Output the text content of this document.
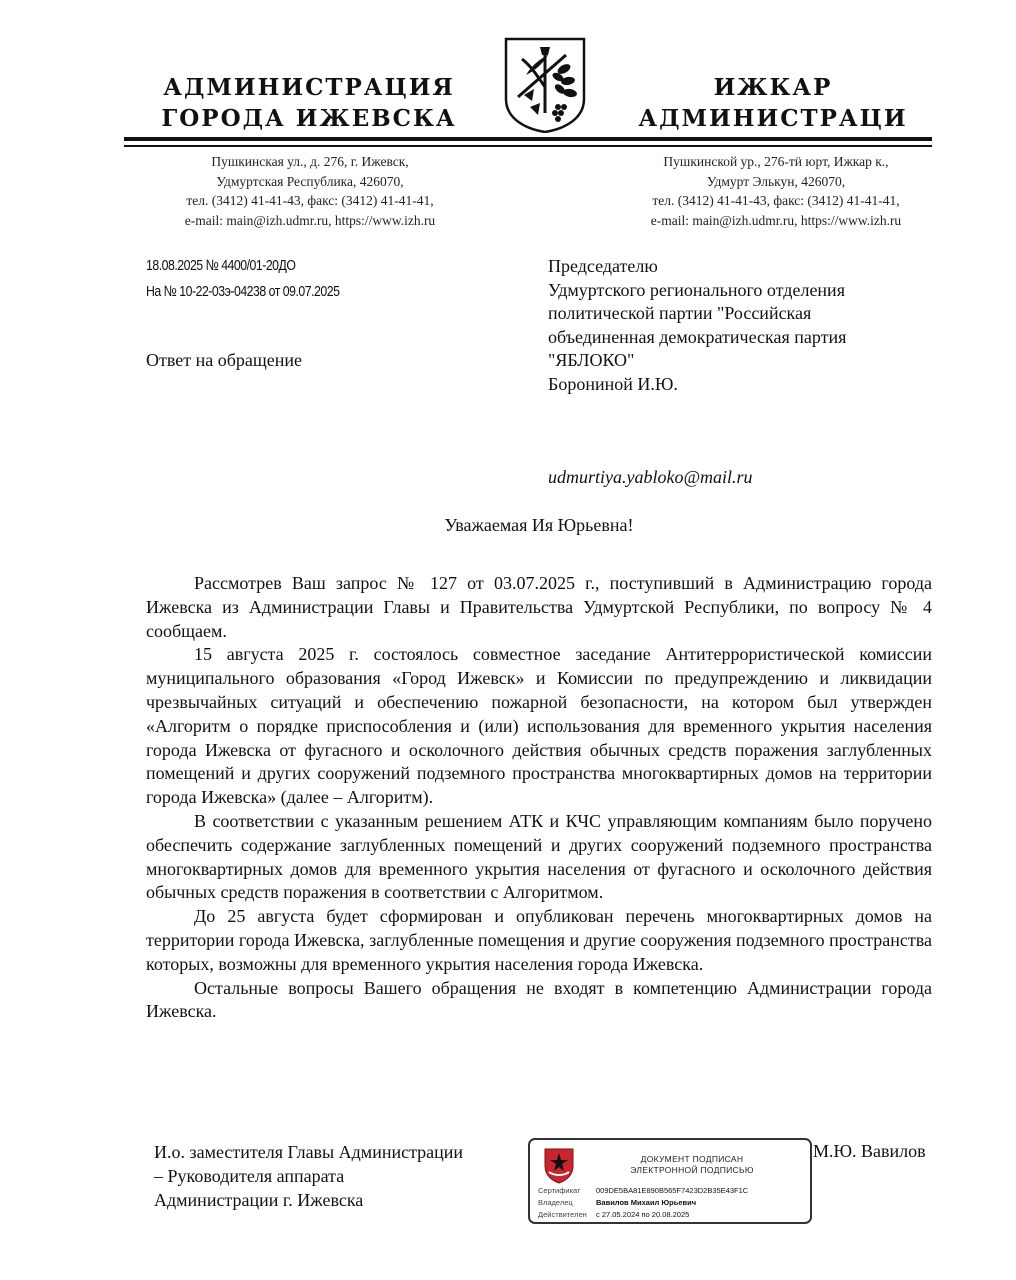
АДМИНИСТРАЦИЯ
ГОРОДА ИЖЕВСКА
ИЖКАР
АДМИНИСТРАЦИ
Пушкинская ул., д. 276, г. Ижевск,
Удмуртская Республика, 426070,
тел. (3412) 41-41-43, факс: (3412) 41-41-41,
e-mail: main@izh.udmr.ru, https://www.izh.ru
Пушкинской ур., 276-тӥ юрт, Ижкар к.,
Удмурт Элькун, 426070,
тел. (3412) 41-41-43, факс: (3412) 41-41-41,
e-mail: main@izh.udmr.ru, https://www.izh.ru
18.08.2025 № 4400/01-20ДО
На № 10-22-03э-04238 от 09.07.2025
Ответ на обращение
Председателю
Удмуртского регионального отделения
политической партии "Российская
объединенная демократическая партия
"ЯБЛОКО"
Борониной И.Ю.
udmurtiya.yabloko@mail.ru
Уважаемая Ия Юрьевна!

Рассмотрев Ваш запрос № 127 от 03.07.2025 г., поступивший в Администрацию города Ижевска из Администрации Главы и Правительства Удмуртской Республики, по вопросу № 4 сообщаем.

15 августа 2025 г. состоялось совместное заседание Антитеррористической комиссии муниципального образования «Город Ижевск» и Комиссии по предупреждению и ликвидации чрезвычайных ситуаций и обеспечению пожарной безопасности, на котором был утвержден «Алгоритм о порядке приспособления и (или) использования для временного укрытия населения города Ижевска от фугасного и осколочного действия обычных средств поражения заглубленных помещений и других сооружений подземного пространства многоквартирных домов на территории города Ижевска» (далее – Алгоритм).

В соответствии с указанным решением АТК и КЧС управляющим компаниям было поручено обеспечить содержание заглубленных помещений и других сооружений подземного пространства многоквартирных домов для временного укрытия населения от фугасного и осколочного действия обычных средств поражения в соответствии с Алгоритмом.

До 25 августа будет сформирован и опубликован перечень многоквартирных домов на территории города Ижевска, заглубленные помещения и другие сооружения подземного пространства которых, возможны для временного укрытия населения города Ижевска.

Остальные вопросы Вашего обращения не входят в компетенцию Администрации города Ижевска.

И.о. заместителя Главы Администрации
– Руководителя аппарата
Администрации г. Ижевска
ДОКУМЕНТ ПОДПИСАН
ЭЛЕКТРОННОЙ ПОДПИСЬЮ
Сертификат 009DE5BA81E890B565F7423D2B35E43F1C
Владелец	Вавилов Михаил Юрьевич
Действителен с 27.05.2024 по 20.08.2025
М.Ю. Вавилов
